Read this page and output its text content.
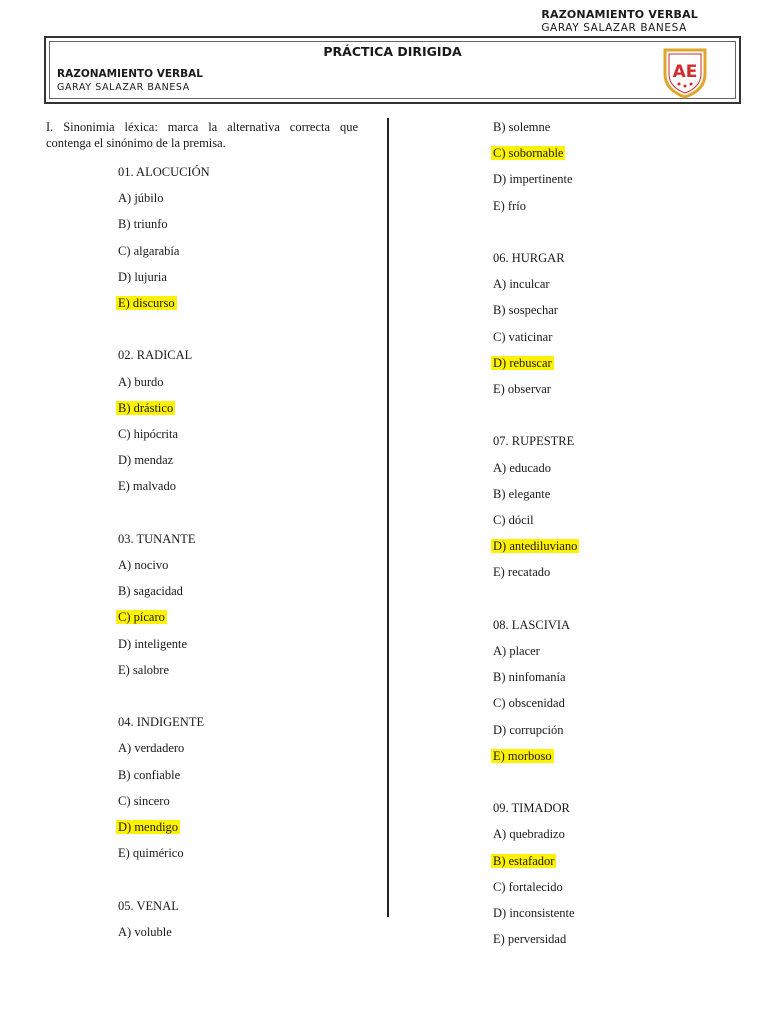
RAZONAMIENTO VERBAL
GARAY SALAZAR BANESA
PRÁCTICA DIRIGIDA
RAZONAMIENTO VERBAL
GARAY SALAZAR BANESA
AE
I. Sinonimia léxica: marca la alternativa correcta que contenga el sinónimo de la premisa.
01. ALOCUCIÓN
A) júbilo
B) triunfo
C) algarabía
D) lujuria
E) discurso
02. RADICAL
A) burdo
B) drástico
C) hipócrita
D) mendaz
E) malvado
03. TUNANTE
A) nocivo
B) sagacidad
C) pícaro
D) inteligente
E) salobre
04. INDIGENTE
A) verdadero
B) confiable
C) sincero
D) mendigo
E) quimérico
05. VENAL
A) voluble
B) solemne
C) sobornable
D) impertinente
E) frío
06. HURGAR
A) inculcar
B) sospechar
C) vaticinar
D) rebuscar
E) observar
07. RUPESTRE
A) educado
B) elegante
C) dócil
D) antediluviano
E) recatado
08. LASCIVIA
A) placer
B) ninfomanía
C) obscenidad
D) corrupción
E) morboso
09. TIMADOR
A) quebradizo
B) estafador
C) fortalecido
D) inconsistente
E) perversidad
